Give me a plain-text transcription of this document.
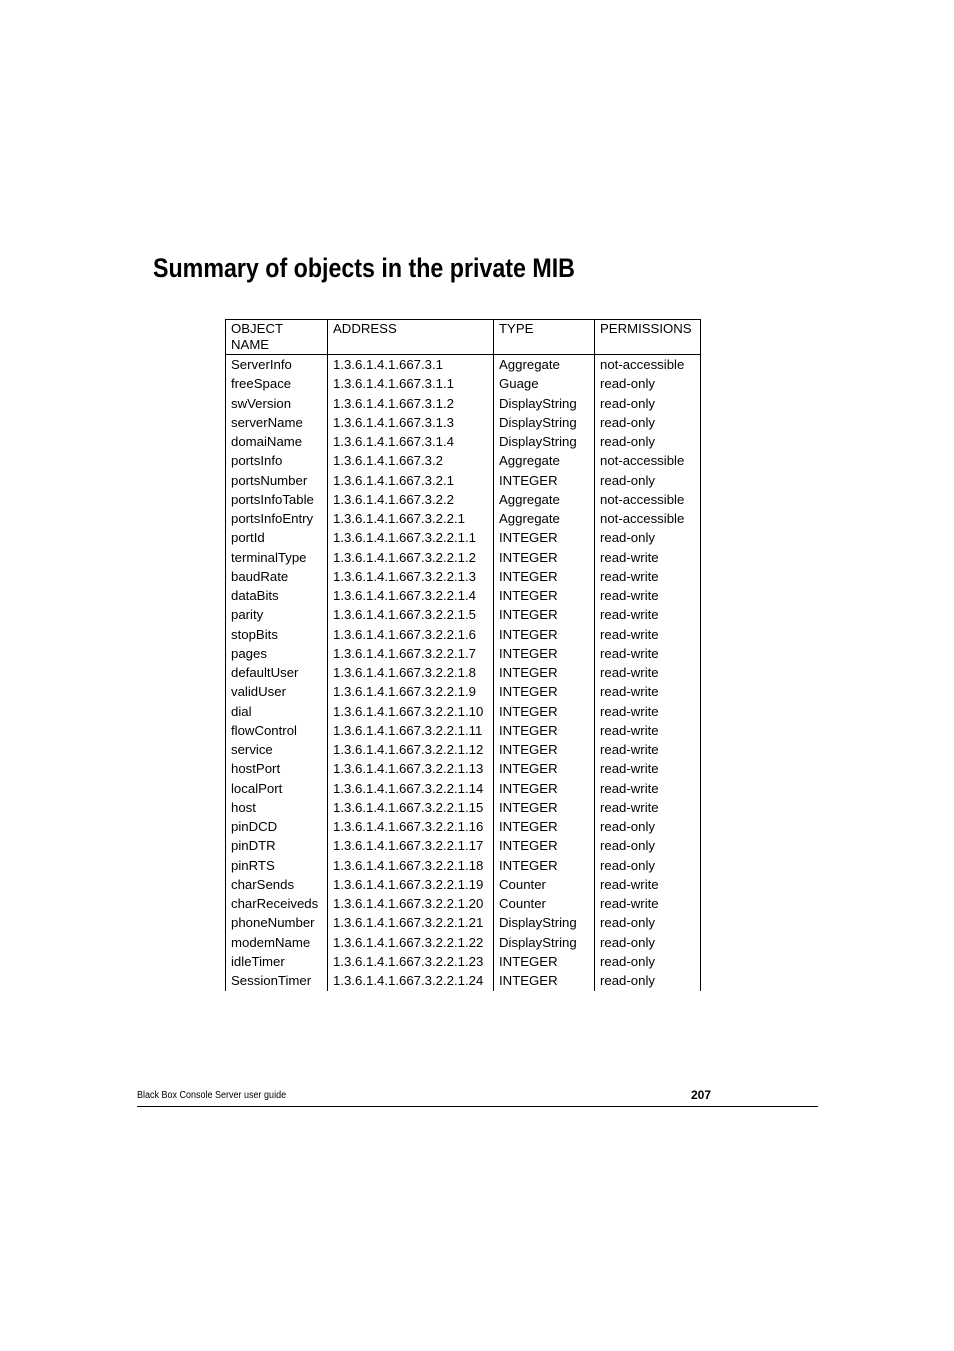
Summary of objects in the private MIB
OBJECT
NAME	ADDRESS	TYPE	PERMISSIONS
ServerInfo	1.3.6.1.4.1.667.3.1	Aggregate	not-accessible
freeSpace	1.3.6.1.4.1.667.3.1.1	Guage	read-only
swVersion	1.3.6.1.4.1.667.3.1.2	DisplayString	read-only
serverName	1.3.6.1.4.1.667.3.1.3	DisplayString	read-only
domaiName	1.3.6.1.4.1.667.3.1.4	DisplayString	read-only
portsInfo	1.3.6.1.4.1.667.3.2	Aggregate	not-accessible
portsNumber	1.3.6.1.4.1.667.3.2.1	INTEGER	read-only
portsInfoTable	1.3.6.1.4.1.667.3.2.2	Aggregate	not-accessible
portsInfoEntry	1.3.6.1.4.1.667.3.2.2.1	Aggregate	not-accessible
portId	1.3.6.1.4.1.667.3.2.2.1.1	INTEGER	read-only
terminalType	1.3.6.1.4.1.667.3.2.2.1.2	INTEGER	read-write
baudRate	1.3.6.1.4.1.667.3.2.2.1.3	INTEGER	read-write
dataBits	1.3.6.1.4.1.667.3.2.2.1.4	INTEGER	read-write
parity	1.3.6.1.4.1.667.3.2.2.1.5	INTEGER	read-write
stopBits	1.3.6.1.4.1.667.3.2.2.1.6	INTEGER	read-write
pages	1.3.6.1.4.1.667.3.2.2.1.7	INTEGER	read-write
defaultUser	1.3.6.1.4.1.667.3.2.2.1.8	INTEGER	read-write
validUser	1.3.6.1.4.1.667.3.2.2.1.9	INTEGER	read-write
dial	1.3.6.1.4.1.667.3.2.2.1.10	INTEGER	read-write
flowControl	1.3.6.1.4.1.667.3.2.2.1.11	INTEGER	read-write
service	1.3.6.1.4.1.667.3.2.2.1.12	INTEGER	read-write
hostPort	1.3.6.1.4.1.667.3.2.2.1.13	INTEGER	read-write
localPort	1.3.6.1.4.1.667.3.2.2.1.14	INTEGER	read-write
host	1.3.6.1.4.1.667.3.2.2.1.15	INTEGER	read-write
pinDCD	1.3.6.1.4.1.667.3.2.2.1.16	INTEGER	read-only
pinDTR	1.3.6.1.4.1.667.3.2.2.1.17	INTEGER	read-only
pinRTS	1.3.6.1.4.1.667.3.2.2.1.18	INTEGER	read-only
charSends	1.3.6.1.4.1.667.3.2.2.1.19	Counter	read-write
charReceiveds	1.3.6.1.4.1.667.3.2.2.1.20	Counter	read-write
phoneNumber	1.3.6.1.4.1.667.3.2.2.1.21	DisplayString	read-only
modemName	1.3.6.1.4.1.667.3.2.2.1.22	DisplayString	read-only
idleTimer	1.3.6.1.4.1.667.3.2.2.1.23	INTEGER	read-only
SessionTimer	1.3.6.1.4.1.667.3.2.2.1.24	INTEGER	read-only
Black Box Console Server user guide	207
